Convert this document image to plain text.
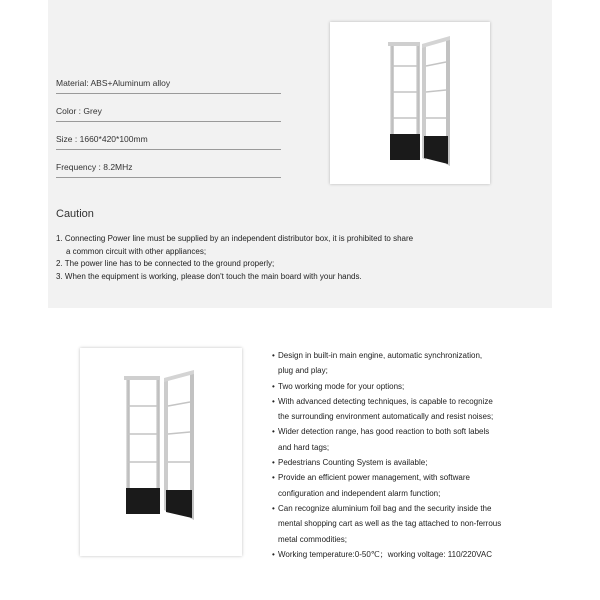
Material: ABS+Aluminum alloy
Color : Grey
Size : 1660*420*100mm
Frequency : 8.2MHz
Caution

1. Connecting Power line must be supplied by an independent distributor box, it is prohibited to share

a common circuit with other appliances;

2. The power line has to be connected to the ground properly;

3. When the equipment is working, please don't touch the main board with your hands.

• Design in built-in main engine, automatic synchronization,

plug and play;

• Two working mode for your options;

• With advanced detecting techniques, is capable to recognize

the surrounding environment automatically and resist noises;

• Wider detection range, has good reaction to both soft labels

and hard tags;

• Pedestrians Counting System is available;

• Provide an efficient power management, with software

configuration and independent alarm function;

• Can recognize aluminium foil bag and the security inside the

mental shopping cart as well as the tag attached to non-ferrous

metal commodities;

• Working temperature:0-50℃；working voltage: 110/220VAC
